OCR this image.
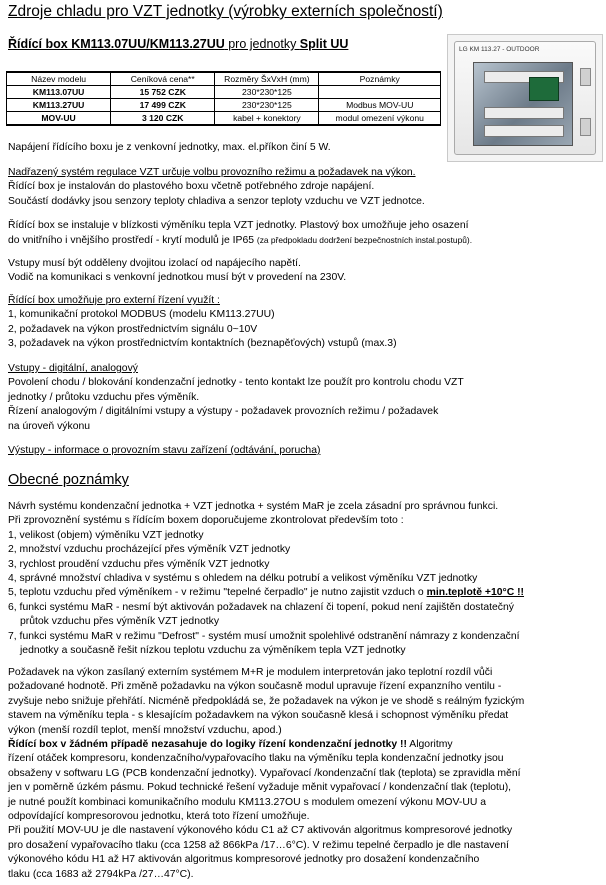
Zdroje chladu pro VZT jednotky (výrobky externích společností)
Řídící box KM113.07UU/KM113.27UU pro jednotky Split UU	LG KM 113.27 - OUTDOOR
Název modelu	Ceníková cena**	Rozměry ŠxVxH (mm)	Poznámky
KM113.07UU	15 752 CZK	230*230*125	
KM113.27UU	17 499 CZK	230*230*125	Modbus MOV-UU
MOV-UU	3 120 CZK	kabel + konektory	modul omezení výkonu
Napájení řídícího boxu je z venkovní jednotky, max. el.příkon činí 5 W.
Nadřazený systém regulace VZT určuje volbu provozního režimu a požadavek na výkon.
Řídící box je instalován do plastového boxu včetně potřebného zdroje napájení.
Součástí dodávky jsou senzory teploty chladiva a senzor teploty vzduchu ve VZT jednotce.
Řídící box se instaluje v blízkosti výměníku tepla VZT jednotky. Plastový box umožňuje jeho osazení
do vnitřního i vnějšího prostředí - krytí modulů je IP65 (za předpokladu dodržení bezpečnostních instal.postupů).
Vstupy musí být odděleny dvojitou izolací od napájecího napětí.
Vodič na komunikaci s venkovní jednotkou musí být v provedení na 230V.
Řídící box umožňuje pro externí řízení využít :
1, komunikační protokol MODBUS (modelu KM113.27UU)
2, požadavek na výkon prostřednictvím signálu 0~10V
3, požadavek na výkon prostřednictvím kontaktních (beznapěťových) vstupů (max.3)
Vstupy - digitální, analogový
Povolení chodu / blokování kondenzační jednotky - tento kontakt lze použít pro kontrolu chodu VZT
jednotky / průtoku vzduchu přes výměník.
Řízení analogovým / digitálními vstupy a výstupy - požadavek provozních režimu / požadavek
na úroveň výkonu
Výstupy - informace o provozním stavu zařízení (odtávání, porucha)
Obecné poznámky
Návrh systému kondenzační jednotka + VZT jednotka + systém MaR je zcela zásadní pro správnou funkci.
Při zprovoznění systému s řídícím boxem doporučujeme zkontrolovat především toto :
1, velikost (objem) výměníku VZT jednotky
2, množství vzduchu procházející přes výměník VZT jednotky
3, rychlost proudění vzduchu přes výměník VZT jednotky
4, správné množství chladiva v systému s ohledem na délku potrubí a velikost výměníku VZT jednotky
5, teplotu vzduchu před výměníkem - v režimu "tepelné čerpadlo" je nutno zajistit vzduch o min.teplotě +10°C !!
6, funkci systému MaR - nesmí být aktivován požadavek na chlazení či topení, pokud není zajištěn dostatečný
průtok vzduchu přes výměník VZT jednotky
7, funkci systému MaR v režimu "Defrost" - systém musí umožnit spolehlivé odstranění námrazy z kondenzační
jednotky a současně řešit nízkou teplotu vzduchu za výměníkem tepla VZT jednotky
Požadavek na výkon zasílaný externím systémem M+R je modulem interpretován jako teplotní rozdíl vůči
požadované hodnotě. Při změně požadavku na výkon současně modul upravuje řízení expanzního ventilu -
zvyšuje nebo snižuje přehřátí. Nicméně předpokládá se, že požadavek na výkon je ve shodě s reálným fyzickým
stavem na výměníku tepla - s klesajícím požadavkem na výkon současně klesá i schopnost výměníku předat
výkon (menší rozdíl teplot, menší množství vzduchu, apod.)
Řídící box v žádném případě nezasahuje do logiky řízení kondenzační jednotky !! Algoritmy
řízení otáček kompresoru, kondenzačního/vypařovacího tlaku na výměníku tepla kondenzační jednotky jsou
obsaženy v softwaru LG (PCB kondenzační jednotky). Vypařovací /kondenzační tlak (teplota) se zpravidla mění
jen v poměrně úzkém pásmu. Pokud technické řešení vyžaduje měnit vypařovací / kondenzační tlak (teplotu),
je nutné použít kombinaci komunikačního modulu KM113.27OU s modulem omezení výkonu MOV-UU a
odpovídající kompresorovou jednotku, která toto řízení umožňuje.
Při použití MOV-UU je dle nastavení výkonového kódu C1 až C7 aktivován algoritmus kompresorové jednotky
pro dosažení vypařovacího tlaku (cca 1258 až 866kPa /17…6°C). V režimu tepelné čerpadlo je dle nastavení
výkonového kódu H1 až H7 aktivován algoritmus kompresorové jednotky pro dosažení kondenzačního
tlaku (cca 1683 až 2794kPa /27…47°C).
